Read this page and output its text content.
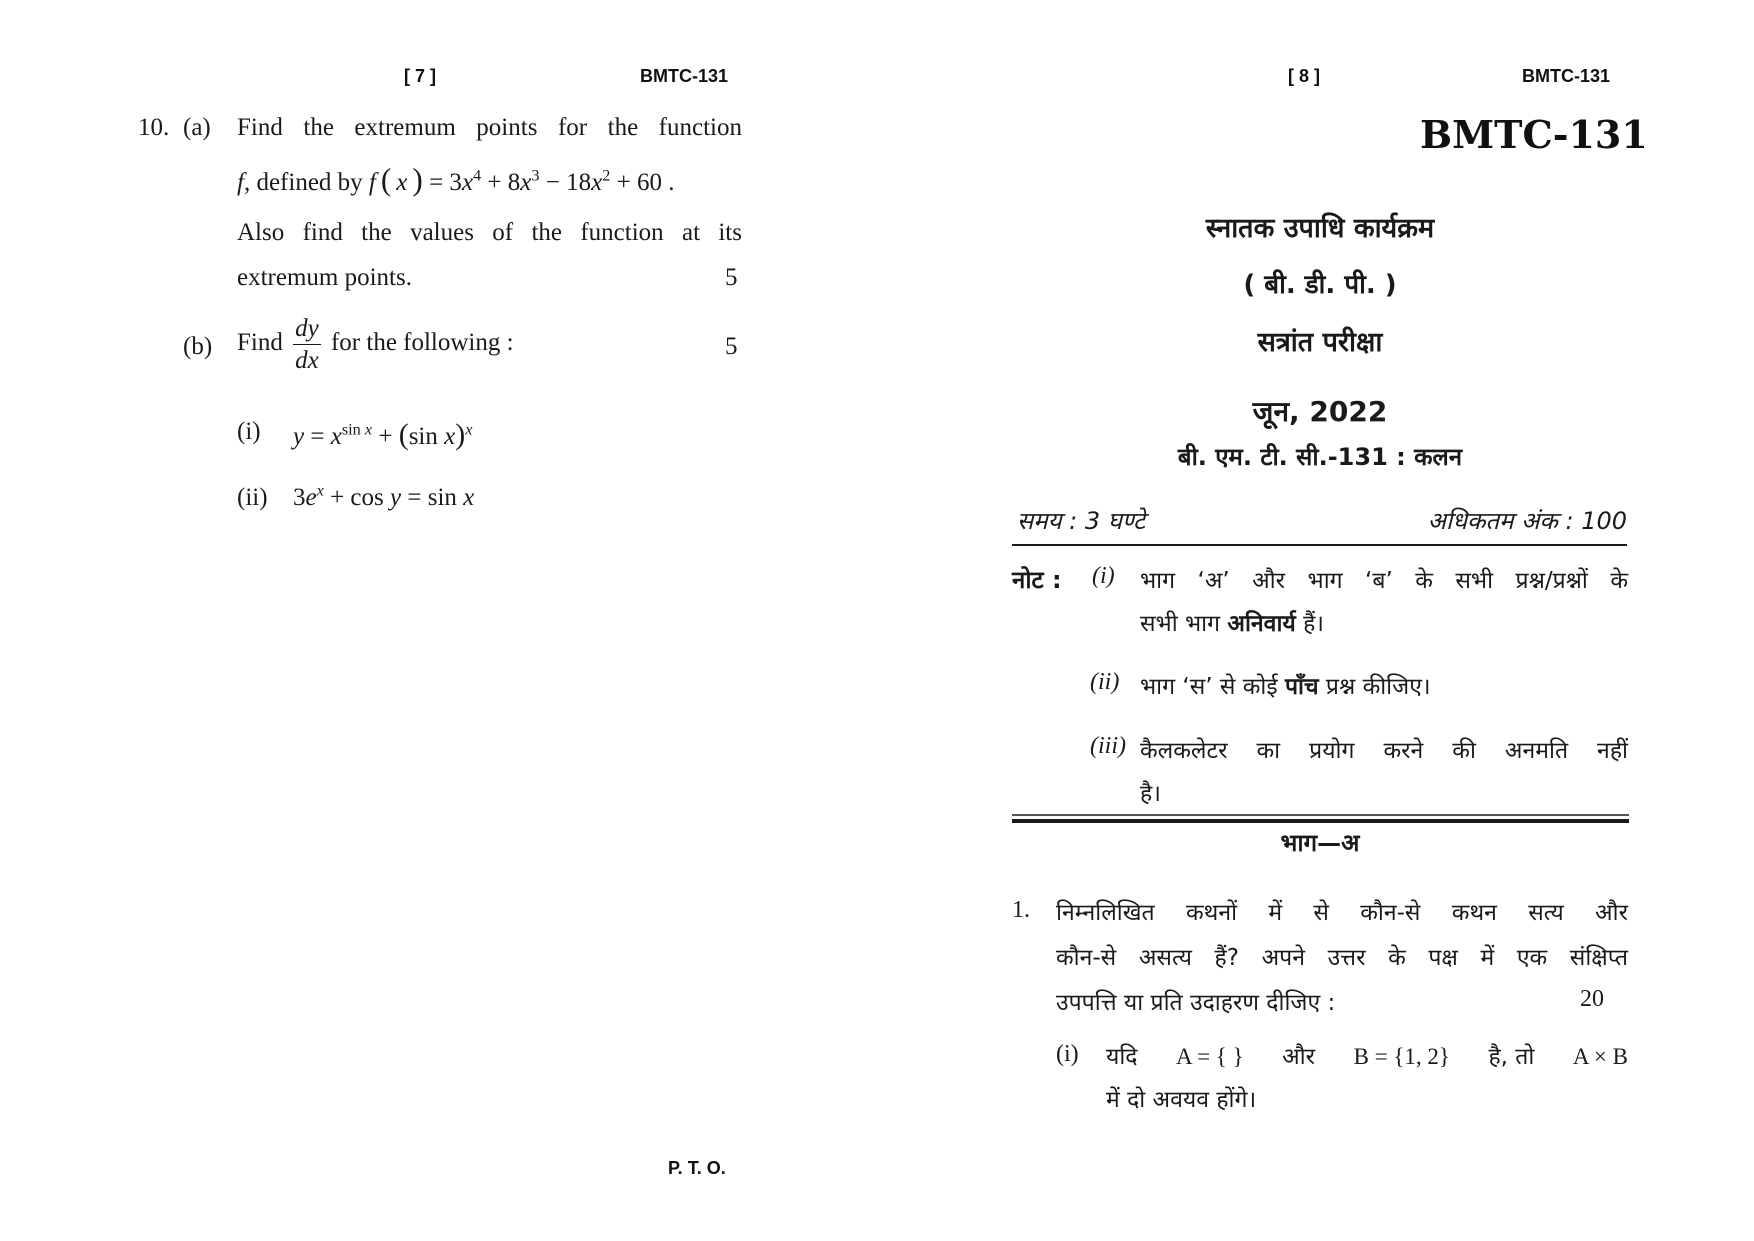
[ 7 ]	BMTC-131
10. (a) Find the extremum points for the function
f, defined by f ( x ) = $3x^4 + 8x^3 - 18x^2 + 60$ .
Also find the values of the function at its
extremum points.	5
(b) Find $\frac{dy}{dx}$ for the following :	5
(i) $y = x^{sin x} + (\sin$ x)$^x$
(ii) $3e^x + \cos y = \sin x$
P. T. O.
[ 8 ]	BMTC-131
BMTC-131
स्नातक उपाधि कार्यक्रम
( बी. डी. पी. )
सत्रांत परीक्षा
जून, 2022
बी. एम. टी. सी.-131 : कलन
समय : 3 घण्टे	अधिकतम अंक : 100
नोट : (i) भाग ‘अ’ और भाग ‘ब’ के सभी प्रश्न/प्रश्नों के
सभी भाग अनिवार्य हैं।
(ii) भाग ‘स’ से कोई पाँच प्रश्न कीजिए।
(iii) कैलकलेटर का प्रयोग करने की अनमति नहीं
है।
भाग—अ
1. निम्नलिखित कथनों में से कौन-से कथन सत्य और
कौन-से असत्य हैं? अपने उत्तर के पक्ष में एक संक्षिप्त
उपपत्ति या प्रति उदाहरण दीजिए :	20
(i) यदि A = { } और B = {1, 2} है, तो A × B
में दो अवयव होंगे।
